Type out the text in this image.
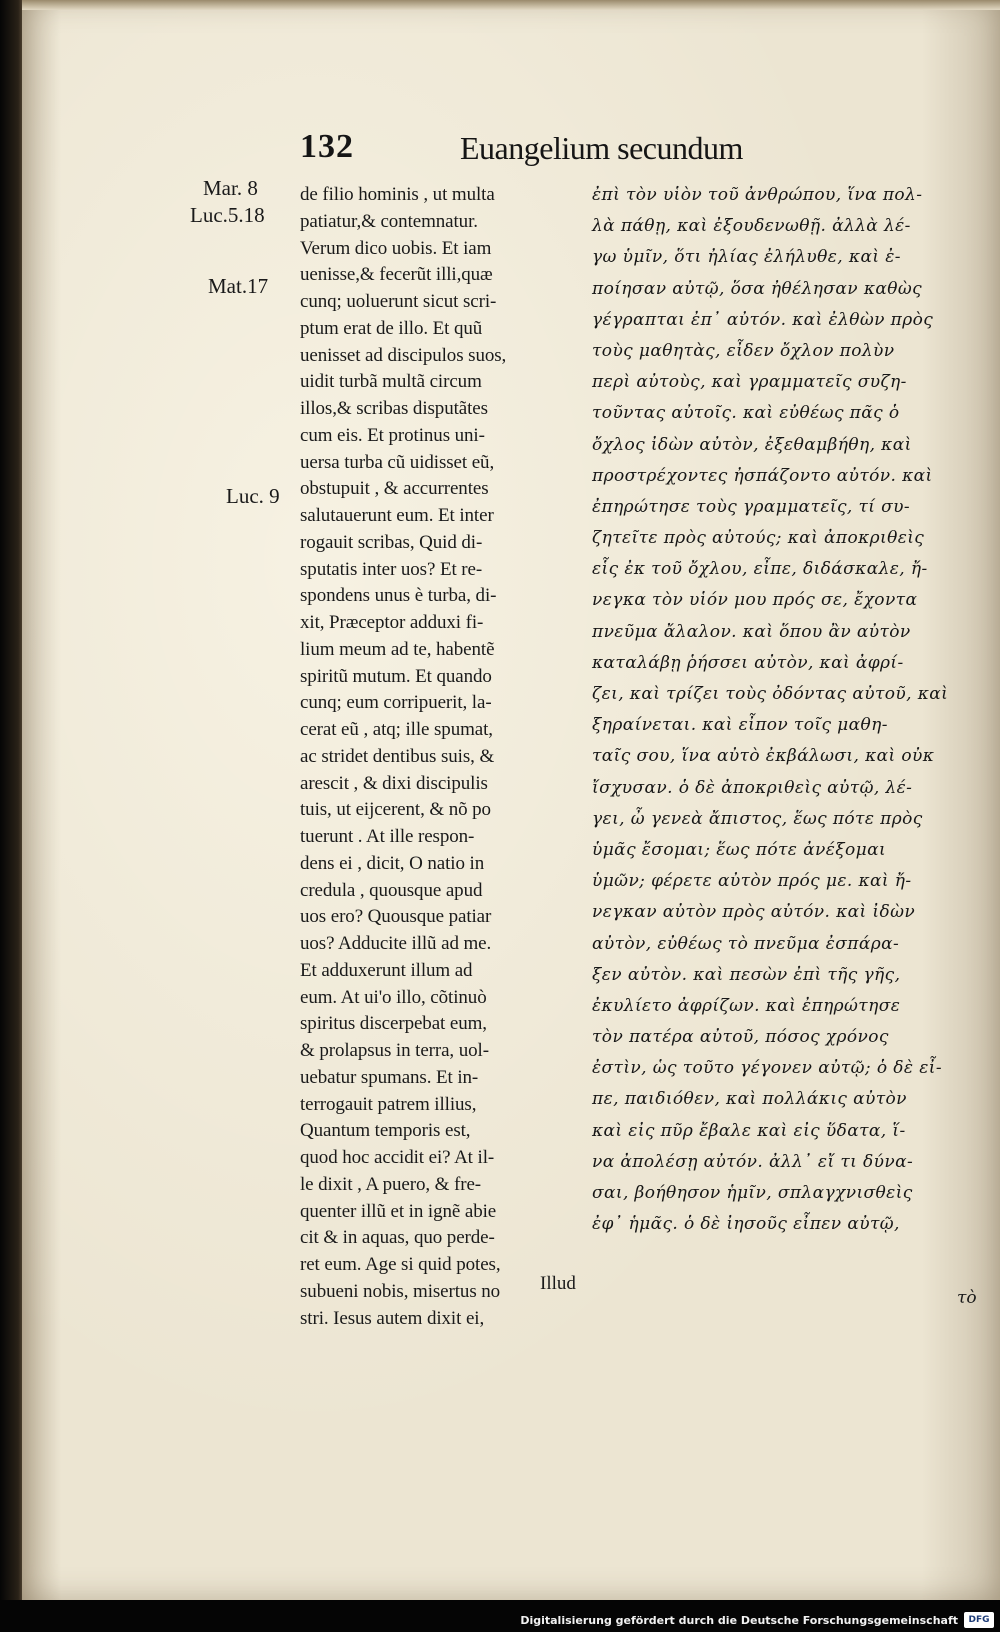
132	Euangelium secundum
Mar. 8
Luc.5.18
Mat.17
Luc. 9
de filio hominis , ut multa
patiatur,& contemnatur.
Verum dico uobis. Et iam
uenisse,& fecerũt illi,quæ
cunq; uoluerunt sicut scri-
ptum erat de illo. Et quũ
uenisset ad discipulos suos,
uidit turbã multã circum
illos,& scribas disputãtes
cum eis. Et protinus uni-
uersa turba cũ uidisset eũ,
obstupuit , & accurrentes
salutauerunt eum. Et inter
rogauit scribas, Quid di-
sputatis inter uos? Et re-
spondens unus è turba, di-
xit, Præceptor adduxi fi-
lium meum ad te, habentẽ
spiritũ mutum. Et quando
cunq; eum corripuerit, la-
cerat eũ , atq; ille spumat,
ac stridet dentibus suis, &
arescit , & dixi discipulis
tuis, ut eijcerent, & nõ po
tuerunt . At ille respon-
dens ei , dicit, O natio in
credula , quousque apud
uos ero? Quousque patiar
uos? Adducite illũ ad me.
Et adduxerunt illum ad
eum. At ui'o illo, cõtinuò
spiritus discerpebat eum,
& prolapsus in terra, uol-
uebatur spumans. Et in-
terrogauit patrem illius,
Quantum temporis est,
quod hoc accidit ei? At il-
le dixit , A puero, & fre-
quenter illũ et in ignẽ abie
cit & in aquas, quo perde-
ret eum. Age si quid potes,
subueni nobis, misertus no
stri. Iesus autem dixit ei,
Illud
ἐπὶ τὸν υἱὸν τοῦ ἀνθρώπου, ἵνα πολ-
λὰ πάθῃ, καὶ ἐξουδενωθῇ. ἀλλὰ λέ-
γω ὑμῖν, ὅτι ἠλίας ἐλήλυθε, καὶ ἐ-
ποίησαν αὐτῷ, ὅσα ἠθέλησαν καθὼς
γέγραπται ἐπ᾽ αὐτόν. καὶ ἐλθὼν πρὸς
τοὺς μαθητὰς, εἶδεν ὄχλον πολὺν
περὶ αὐτοὺς, καὶ γραμματεῖς συζη-
τοῦντας αὐτοῖς. καὶ εὐθέως πᾶς ὁ
ὄχλος ἰδὼν αὐτὸν, ἐξεθαμβήθη, καὶ
προστρέχοντες ἠσπάζοντο αὐτόν. καὶ
ἐπηρώτησε τοὺς γραμματεῖς, τί συ-
ζητεῖτε πρὸς αὐτούς; καὶ ἀποκριθεὶς
εἷς ἐκ τοῦ ὄχλου, εἶπε, διδάσκαλε, ἤ-
νεγκα τὸν υἱόν μου πρός σε, ἔχοντα
πνεῦμα ἄλαλον. καὶ ὅπου ἂν αὐτὸν
καταλάβῃ ῥήσσει αὐτὸν, καὶ ἀφρί-
ζει, καὶ τρίζει τοὺς ὀδόντας αὐτοῦ, καὶ
ξηραίνεται. καὶ εἶπον τοῖς μαθη-
ταῖς σου, ἵνα αὐτὸ ἐκβάλωσι, καὶ οὐκ
ἴσχυσαν. ὁ δὲ ἀποκριθεὶς αὐτῷ, λέ-
γει, ὦ γενεὰ ἄπιστος, ἕως πότε πρὸς
ὑμᾶς ἔσομαι; ἕως πότε ἀνέξομαι
ὑμῶν; φέρετε αὐτὸν πρός με. καὶ ἤ-
νεγκαν αὐτὸν πρὸς αὐτόν. καὶ ἰδὼν
αὐτὸν, εὐθέως τὸ πνεῦμα ἐσπάρα-
ξεν αὐτὸν. καὶ πεσὼν ἐπὶ τῆς γῆς,
ἐκυλίετο ἀφρίζων. καὶ ἐπηρώτησε
τὸν πατέρα αὐτοῦ, πόσος χρόνος
ἐστὶν, ὡς τοῦτο γέγονεν αὐτῷ; ὁ δὲ εἶ-
πε, παιδιόθεν, καὶ πολλάκις αὐτὸν
καὶ εἰς πῦρ ἔβαλε καὶ εἰς ὕδατα, ἵ-
να ἀπολέσῃ αὐτόν. ἀλλ᾽ εἴ τι δύνα-
σαι, βοήθησον ἡμῖν, σπλαγχνισθεὶς
ἐφ᾽ ἡμᾶς. ὁ δὲ ἰησοῦς εἶπεν αὐτῷ,
τὸ
Digitalisierung gefördert durch die Deutsche Forschungsgemeinschaft	DFG
